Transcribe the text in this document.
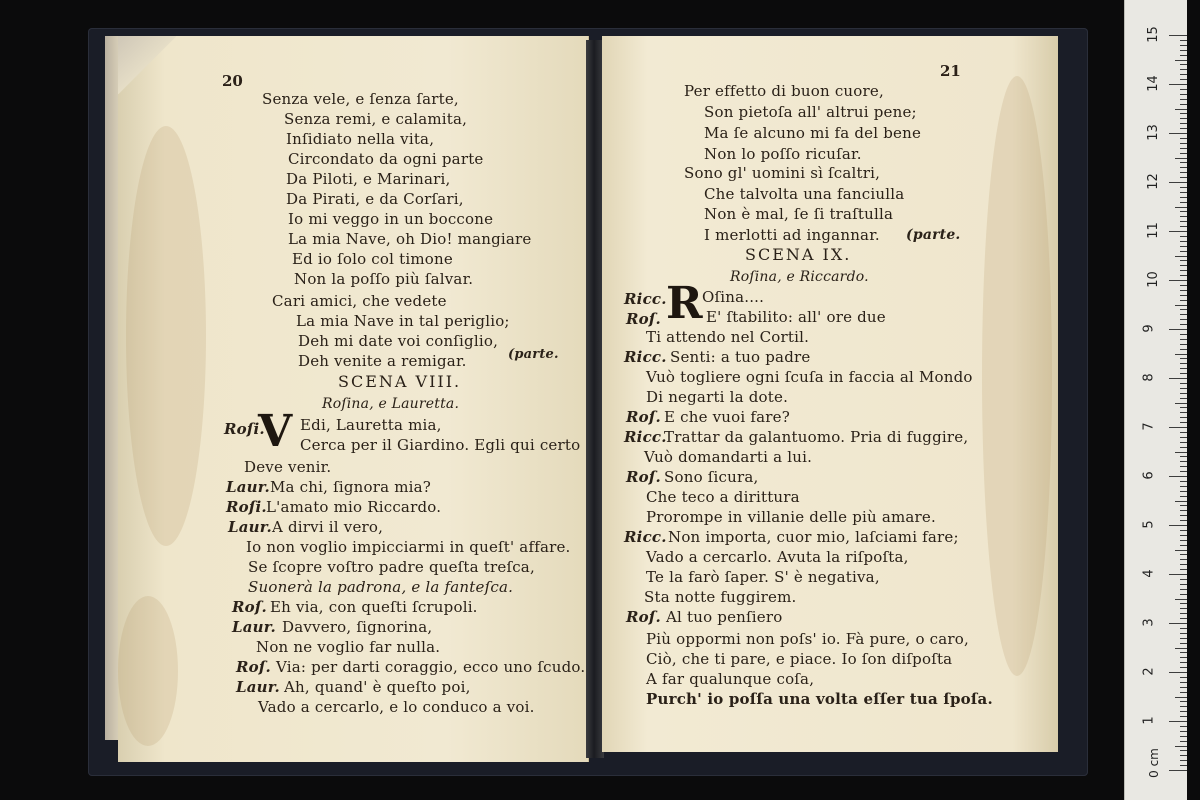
20
Senza vele, e ſenza ſarte,
Senza remi, e calamita,
Inſidiato nella vita,
Circondato da ogni parte
Da Piloti, e Marinari,
Da Pirati, e da Corſari,
Io mi veggo in un boccone
La mia Nave, oh Dio! mangiare
Ed io ſolo col timone
Non la poſſo più ſalvar.
Cari amici, che vedete
La mia Nave in tal periglio;
Deh mi date voi conſiglio,
Deh venite a remigar.	(parte.
SCENA VIII.
Roſina, e Lauretta.
Roſi.
V Edi, Lauretta mia,
Cerca per il Giardino. Egli qui certo
Deve venir.
Laur. Ma chi, ſignora mia?
Roſi. L'amato mio Riccardo.
Laur. A dirvi il vero,
Io non voglio impicciarmi in queſt' affare.
Se ſcopre voſtro padre queſta treſca,
Suonerà la padrona, e la fanteſca.
Roſ. Eh via, con queſti ſcrupoli.
Laur. Davvero, ſignorina,
Non ne voglio far nulla.
Roſ. Via: per darti coraggio, ecco uno ſcudo.
Laur. Ah, quand' è queſto poi,
Vado a cercarlo, e lo conduco a voi.
21
Per effetto di buon cuore,
Son pietoſa all' altrui pene;
Ma ſe alcuno mi fa del bene
Non lo poſſo ricuſar.
Sono gl' uomini sì ſcaltri,
Che talvolta una fanciulla
Non è mal, ſe ſi traſtulla
I merlotti ad ingannar. (parte.
SCENA IX.
Roſina, e Riccardo.
Ricc. R Oſina....
Roſ.	E' ſtabilito: all' ore due
Ti attendo nel Cortil.
Ricc. Senti: a tuo padre
Vuò togliere ogni ſcuſa in faccia al Mondo
Di negarti la dote.
Roſ. E che vuoi fare?
Ricc.
Trattar da galantuomo. Pria di fuggire,
Vuò domandarti a lui.
Roſ. Sono ſicura,
Che teco a dirittura
Prorompe in villanie delle più amare.
Ricc. Non importa, cuor mio, laſciami fare;
Vado a cercarlo. Avuta la riſpoſta,
Te la farò ſaper. S' è negativa,
Sta notte fuggirem.
Roſ. Al tuo penſiero
Più oppormi non poſs' io. Fà pure, o caro,
Ciò, che ti pare, e piace. Io ſon diſpoſta
A far qualunque coſa,
Purch' io poſſa una volta eſſer tua ſpoſa.
1
2
3
4
5
6
7
8
9
10
11
12
13
14
15
0 cm
